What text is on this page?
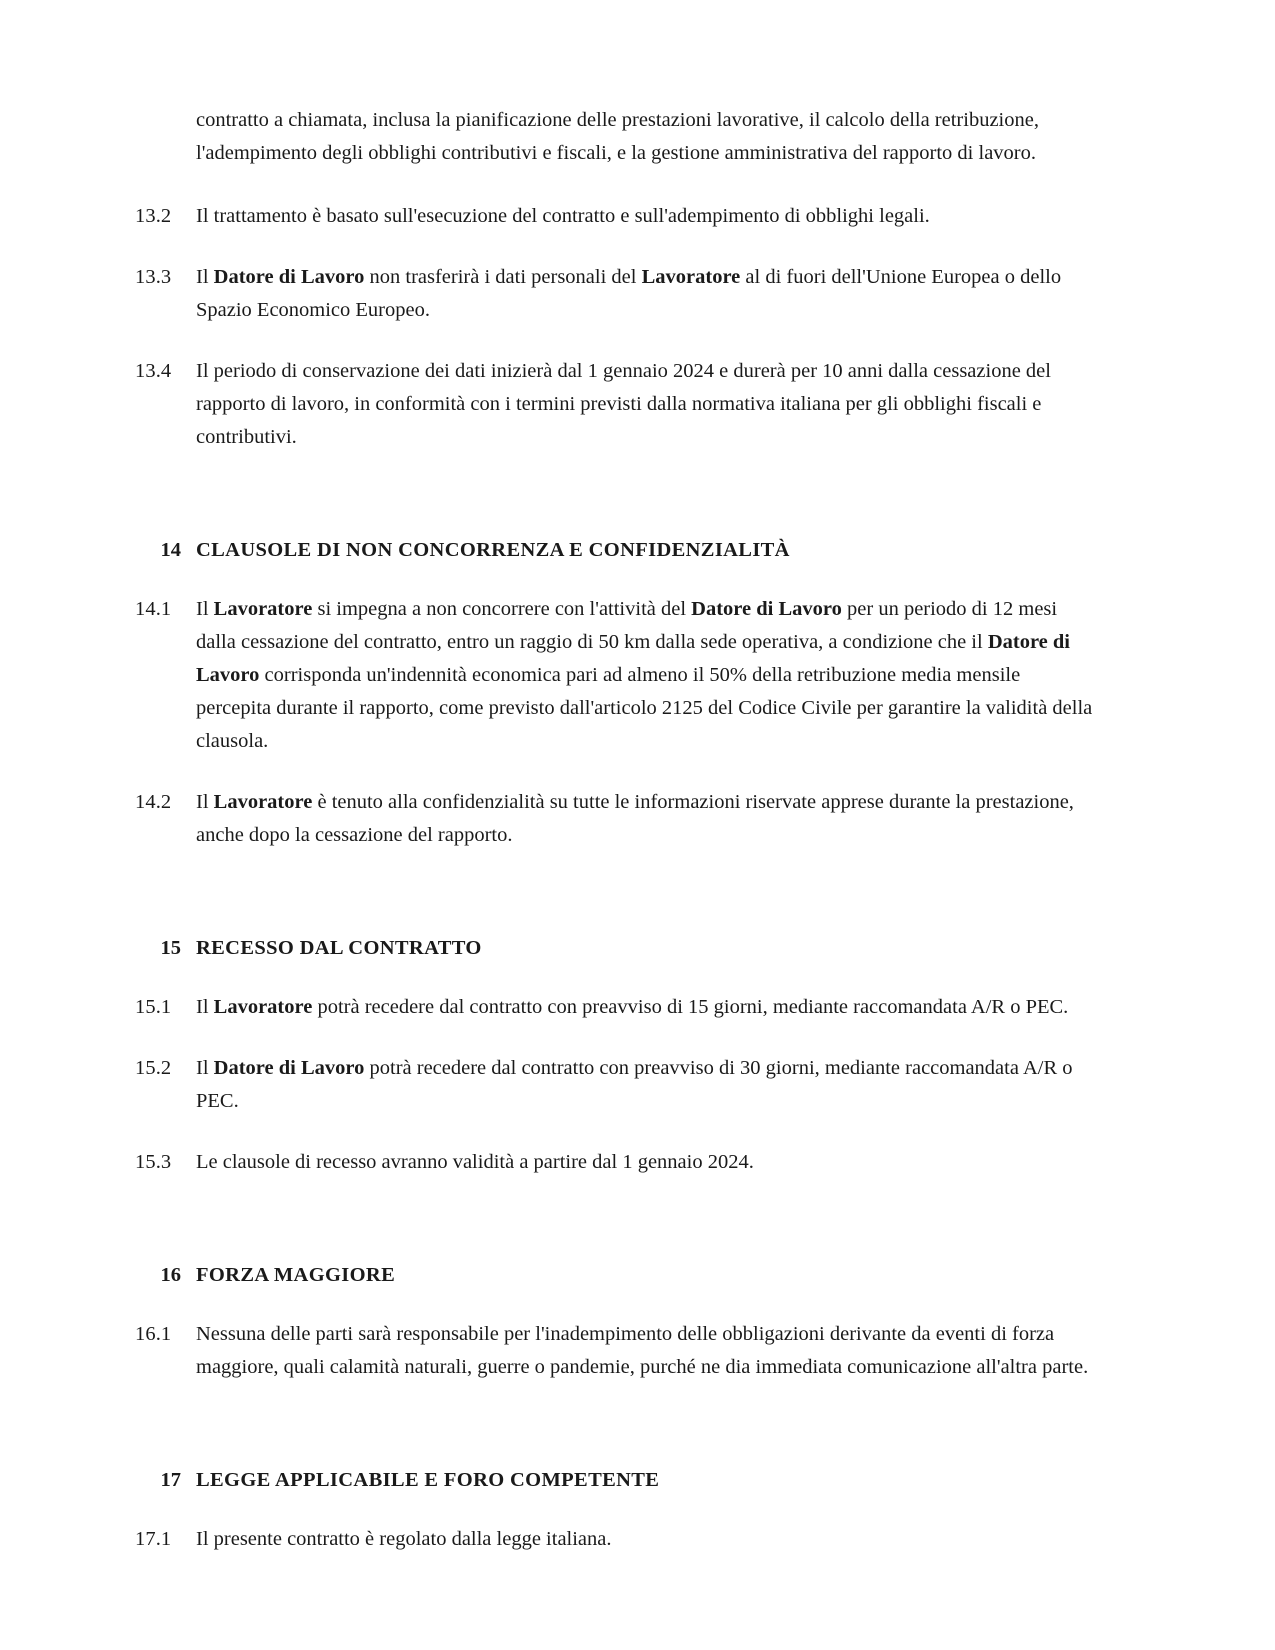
contratto a chiamata, inclusa la pianificazione delle prestazioni lavorative, il calcolo della retribuzione, l'adempimento degli obblighi contributivi e fiscali, e la gestione amministrativa del rapporto di lavoro.
13.2	Il trattamento è basato sull'esecuzione del contratto e sull'adempimento di obblighi legali.
13.3	Il Datore di Lavoro non trasferirà i dati personali del Lavoratore al di fuori dell'Unione Europea o dello Spazio Economico Europeo.
13.4	Il periodo di conservazione dei dati inizierà dal 1 gennaio 2024 e durerà per 10 anni dalla cessazione del rapporto di lavoro, in conformità con i termini previsti dalla normativa italiana per gli obblighi fiscali e contributivi.
14 CLAUSOLE DI NON CONCORRENZA E CONFIDENZIALITÀ
14.1	Il Lavoratore si impegna a non concorrere con l'attività del Datore di Lavoro per un periodo di 12 mesi dalla cessazione del contratto, entro un raggio di 50 km dalla sede operativa, a condizione che il Datore di Lavoro corrisponda un'indennità economica pari ad almeno il 50% della retribuzione media mensile percepita durante il rapporto, come previsto dall'articolo 2125 del Codice Civile per garantire la validità della clausola.
14.2	Il Lavoratore è tenuto alla confidenzialità su tutte le informazioni riservate apprese durante la prestazione, anche dopo la cessazione del rapporto.
15 RECESSO DAL CONTRATTO
15.1	Il Lavoratore potrà recedere dal contratto con preavviso di 15 giorni, mediante raccomandata A/R o PEC.
15.2	Il Datore di Lavoro potrà recedere dal contratto con preavviso di 30 giorni, mediante raccomandata A/R o PEC.
15.3	Le clausole di recesso avranno validità a partire dal 1 gennaio 2024.
16 FORZA MAGGIORE
16.1	Nessuna delle parti sarà responsabile per l'inadempimento delle obbligazioni derivante da eventi di forza maggiore, quali calamità naturali, guerre o pandemie, purché ne dia immediata comunicazione all'altra parte.
17 LEGGE APPLICABILE E FORO COMPETENTE
17.1	Il presente contratto è regolato dalla legge italiana.
